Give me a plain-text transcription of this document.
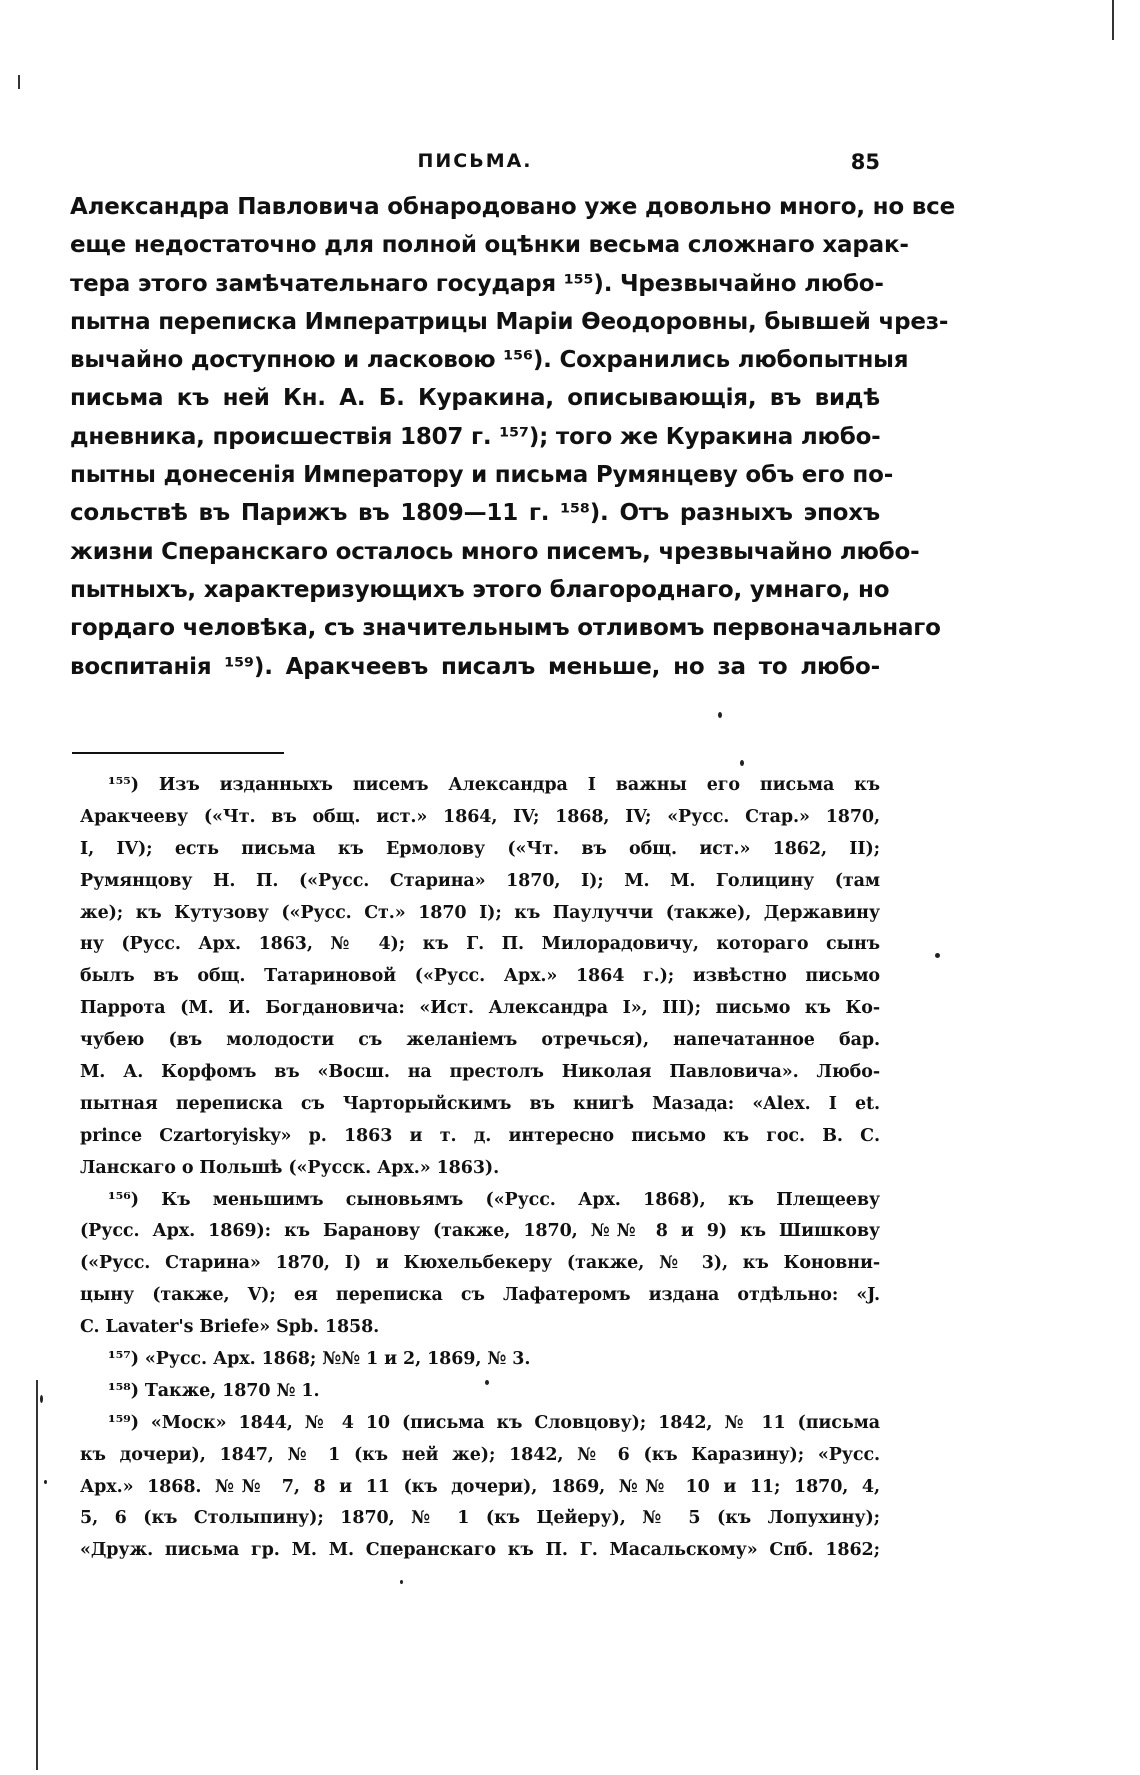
ПИСЬМА.	85
Александра Павловича обнародовано уже довольно много, но все
еще недостаточно для полной оцѣнки весьма сложнаго харак-
тера этого замѣчательнаго государя ¹⁵⁵). Чрезвычайно любо-
пытна переписка Императрицы Маріи Ѳеодоровны, бывшей чрез-
вычайно доступною и ласковою ¹⁵⁶). Сохранились любопытныя
письма къ ней Кн. А. Б. Куракина, описывающія, въ видѣ
дневника, происшествія 1807 г. ¹⁵⁷); того же Куракина любо-
пытны донесенія Императору и письма Румянцеву объ его по-
сольствѣ въ Парижъ въ 1809—11 г. ¹⁵⁸). Отъ разныхъ эпохъ
жизни Сперанскаго осталось много писемъ, чрезвычайно любо-
пытныхъ, характеризующихъ этого благороднаго, умнаго, но
гордаго человѣка, съ значительнымъ отливомъ первоначальнаго
воспитанія ¹⁵⁹). Аракчеевъ писалъ меньше, но за то любо-
¹⁵⁵) Изъ изданныхъ писемъ Александра I важны его письма къ
Аракчееву («Чт. въ общ. ист.» 1864, IV; 1868, IV; «Русс. Стар.» 1870,
I, IV); есть письма къ Ермолову («Чт. въ общ. ист.» 1862, II);
Румянцову Н. П. («Русс. Старина» 1870, I); М. М. Голицину (там
же); къ Кутузову («Русс. Ст.» 1870 I); къ Паулуччи (также), Державину
ну (Русс. Арх. 1863, № 4); къ Г. П. Милорадовичу, котораго сынъ
былъ въ общ. Татариновой («Русс. Арх.» 1864 г.); извѣстно письмо
Паррота (М. И. Богдановича: «Ист. Александра I», III); письмо къ Ко-
чубею (въ молодости съ желаніемъ отречься), напечатанное бар.
М. А. Корфомъ въ «Восш. на престолъ Николая Павловича». Любо-
пытная переписка съ Чарторыйскимъ въ книгѣ Мазада: «Alex. I et.
prince Czartoryisky» p. 1863 и т. д. интересно письмо къ гос. В. С.
Ланскаго о Польшѣ («Русск. Арх.» 1863).
¹⁵⁶) Къ меньшимъ сыновьямъ («Русс. Арх. 1868), къ Плещееву
(Русс. Арх. 1869): къ Баранову (также, 1870, №№ 8 и 9) къ Шишкову
(«Русс. Старина» 1870, I) и Кюхельбекеру (также, № 3), къ Коновни-
цыну (также, V); ея переписка съ Лафатеромъ издана отдѣльно: «J.
C. Lavater's Briefe» Spb. 1858.
¹⁵⁷) «Русс. Арх. 1868; №№ 1 и 2, 1869, № 3.
¹⁵⁸) Также, 1870 № 1.
¹⁵⁹) «Моск» 1844, № 4 10 (письма къ Словцову); 1842, № 11 (письма
къ дочери), 1847, № 1 (къ ней же); 1842, № 6 (къ Каразину); «Русс.
Арх.» 1868. №№ 7, 8 и 11 (къ дочери), 1869, №№ 10 и 11; 1870, 4,
5, 6 (къ Столыпину); 1870, № 1 (къ Цейеру), № 5 (къ Лопухину);
«Друж. письма гр. М. М. Сперанскаго къ П. Г. Масальскому» Спб. 1862;
